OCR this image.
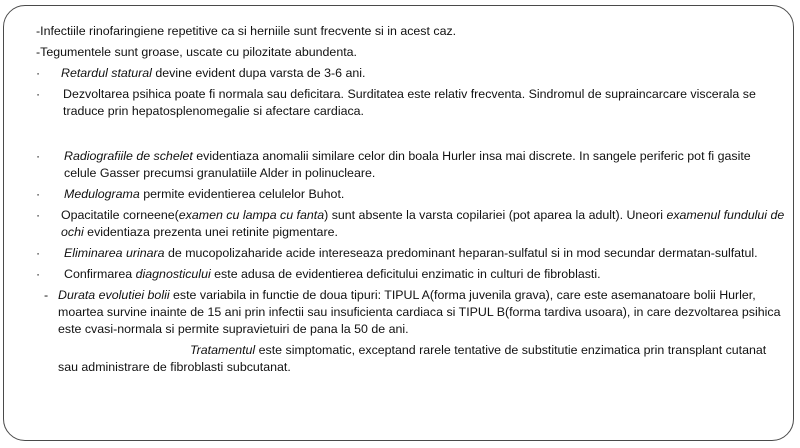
-Infectiile rinofaringiene repetitive ca si herniile sunt frecvente si in acest caz.

-Tegumentele sunt groase, uscate cu pilozitate abundenta.

· Retardul statural devine evident dupa varsta de 3-6 ani.

· Dezvoltarea psihica poate fi normala sau deficitara. Surditatea este relativ frecventa. Sindromul de supraincarcare viscerala se traduce prin hepatosplenomegalie si afectare cardiaca.

· Radiografiile de schelet evidentiaza anomalii similare celor din boala Hurler insa mai discrete. In sangele periferic pot fi gasite celule Gasser precumsi granulatiile Alder in polinucleare.

· Medulograma permite evidentierea celulelor Buhot.

· Opacitatile corneene(examen cu lampa cu fanta) sunt absente la varsta copilariei (pot aparea la adult). Uneori examenul fundului de ochi evidentiaza prezenta unei retinite pigmentare.

· Eliminarea urinara de mucopolizaharide acide intereseaza predominant heparan-sulfatul si in mod secundar dermatan-sulfatul.

· Confirmarea diagnosticului este adusa de evidentierea deficitului enzimatic in culturi de fibroblasti.

- Durata evolutiei bolii este variabila in functie de doua tipuri: TIPUL A(forma juvenila grava), care este asemanatoare bolii Hurler, moartea survine inainte de 15 ani prin infectii sau insuficienta cardiaca si TIPUL B(forma tardiva usoara), in care dezvoltarea psihica este cvasi-normala si permite supravietuiri de pana la 50 de ani.

Tratamentul este simptomatic, exceptand rarele tentative de substitutie enzimatica prin transplant cutanat sau administrare de fibroblasti subcutanat.
